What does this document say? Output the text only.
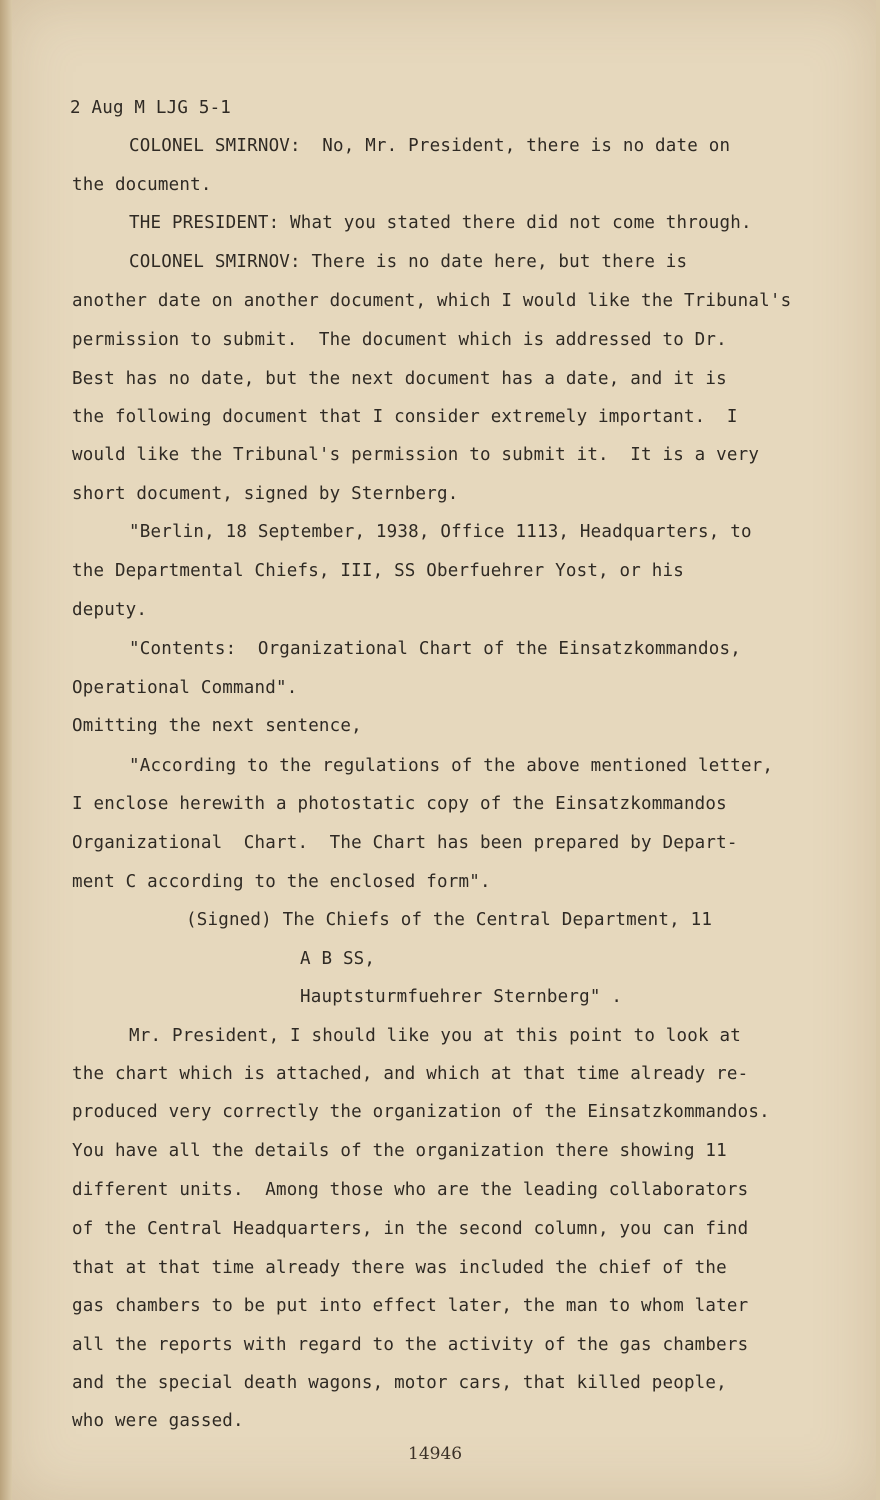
2 Aug M LJG 5-1
COLONEL SMIRNOV:  No, Mr. President, there is no date on
the document.
THE PRESIDENT: What you stated there did not come through.
COLONEL SMIRNOV: There is no date here, but there is
another date on another document, which I would like the Tribunal's
permission to submit.  The document which is addressed to Dr.
Best has no date, but the next document has a date, and it is
the following document that I consider extremely important.  I
would like the Tribunal's permission to submit it.  It is a very
short document, signed by Sternberg.
"Berlin, 18 September, 1938, Office 1113, Headquarters, to
the Departmental Chiefs, III, SS Oberfuehrer Yost, or his
deputy.
"Contents:  Organizational Chart of the Einsatzkommandos,
Operational Command".
Omitting the next sentence,
"According to the regulations of the above mentioned letter,
I enclose herewith a photostatic copy of the Einsatzkommandos
Organizational  Chart.  The Chart has been prepared by Depart-
ment C according to the enclosed form".
(Signed) The Chiefs of the Central Department, 11
A B SS,
Hauptsturmfuehrer Sternberg" .
Mr. President, I should like you at this point to look at
the chart which is attached, and which at that time already re-
produced very correctly the organization of the Einsatzkommandos.
You have all the details of the organization there showing 11
different units.  Among those who are the leading collaborators
of the Central Headquarters, in the second column, you can find
that at that time already there was included the chief of the
gas chambers to be put into effect later, the man to whom later
all the reports with regard to the activity of the gas chambers
and the special death wagons, motor cars, that killed people,
who were gassed.
14946
